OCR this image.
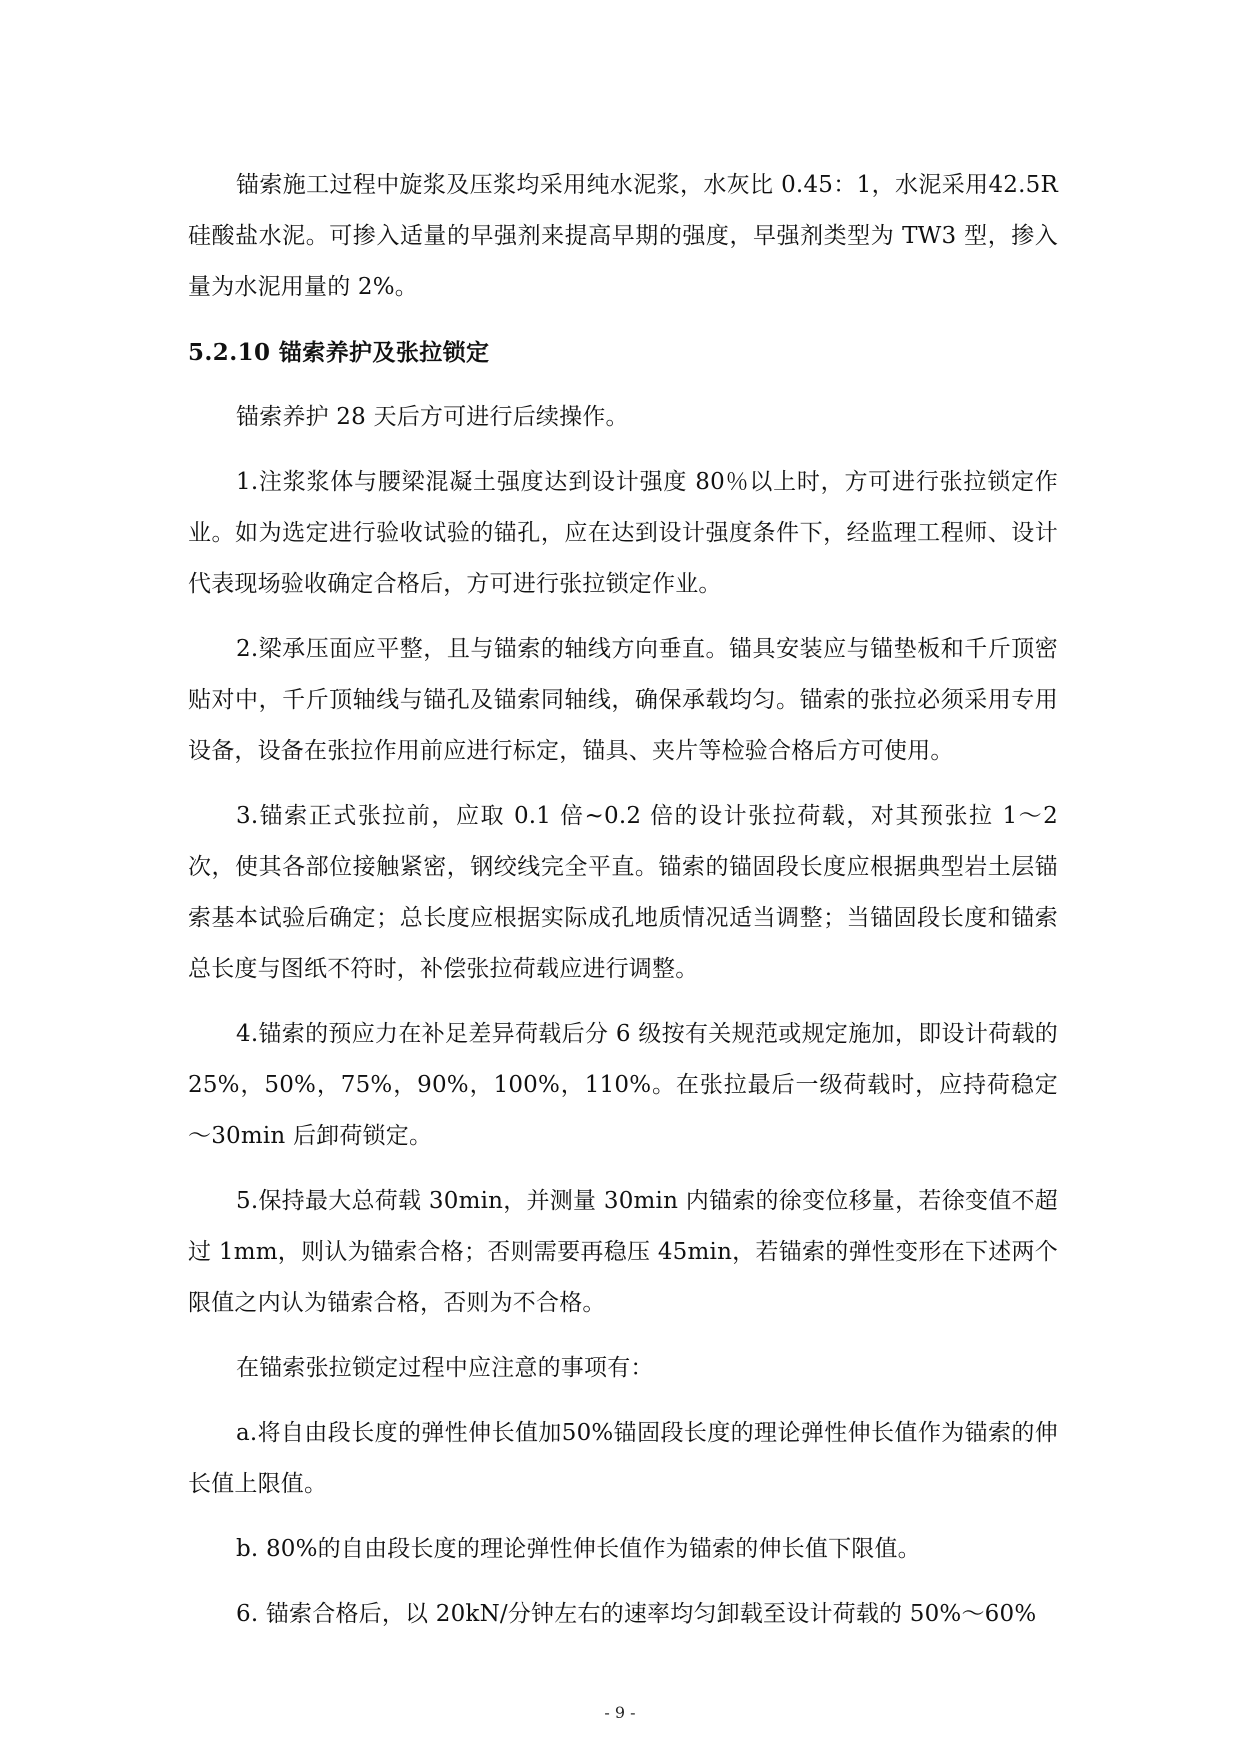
锚索施工过程中旋浆及压浆均采用纯水泥浆，水灰比 0.45：1，水泥采用42.5R 硅酸盐水泥。可掺入适量的早强剂来提高早期的强度，早强剂类型为 TW3 型，掺入量为水泥用量的 2%。

5.2.10 锚索养护及张拉锁定

锚索养护 28 天后方可进行后续操作。

1.注浆浆体与腰梁混凝土强度达到设计强度 80％以上时，方可进行张拉锁定作业。如为选定进行验收试验的锚孔，应在达到设计强度条件下，经监理工程师、设计代表现场验收确定合格后，方可进行张拉锁定作业。

2.梁承压面应平整，且与锚索的轴线方向垂直。锚具安装应与锚垫板和千斤顶密贴对中，千斤顶轴线与锚孔及锚索同轴线，确保承载均匀。锚索的张拉必须采用专用设备，设备在张拉作用前应进行标定，锚具、夹片等检验合格后方可使用。

3.锚索正式张拉前，应取 0.1 倍~0.2 倍的设计张拉荷载，对其预张拉 1～2 次，使其各部位接触紧密，钢绞线完全平直。锚索的锚固段长度应根据典型岩土层锚索基本试验后确定；总长度应根据实际成孔地质情况适当调整；当锚固段长度和锚索总长度与图纸不符时，补偿张拉荷载应进行调整。

4.锚索的预应力在补足差异荷载后分 6 级按有关规范或规定施加，即设计荷载的 25%，50%，75%，90%，100%，110%。在张拉最后一级荷载时，应持荷稳定～30min 后卸荷锁定。

5.保持最大总荷载 30min，并测量 30min 内锚索的徐变位移量，若徐变值不超过 1mm，则认为锚索合格；否则需要再稳压 45min，若锚索的弹性变形在下述两个限值之内认为锚索合格，否则为不合格。

在锚索张拉锁定过程中应注意的事项有：

a.将自由段长度的弹性伸长值加50%锚固段长度的理论弹性伸长值作为锚索的伸长值上限值。

b. 80%的自由段长度的理论弹性伸长值作为锚索的伸长值下限值。

6. 锚索合格后，以 20kN/分钟左右的速率均匀卸载至设计荷载的 50%～60%

- 9 -
